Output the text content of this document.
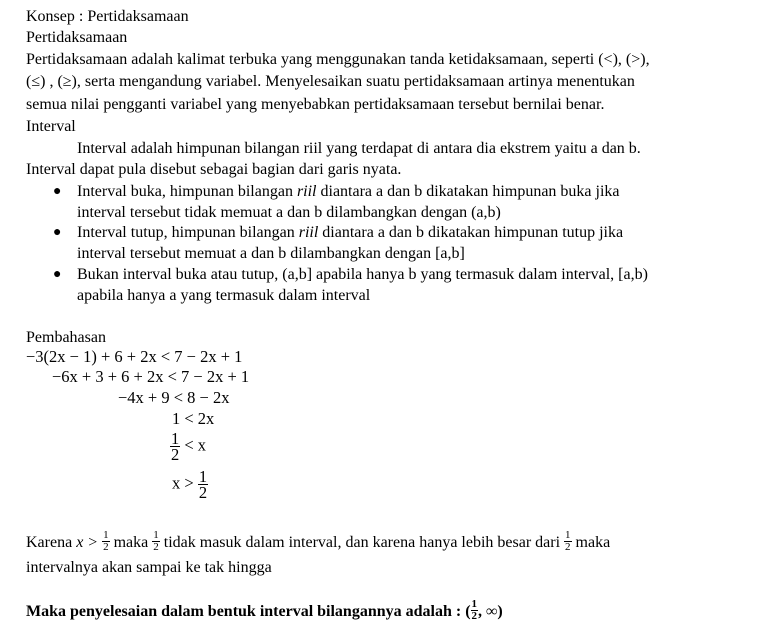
Konsep : Pertidaksamaan
Pertidaksamaan
Pertidaksamaan adalah kalimat terbuka yang menggunakan tanda ketidaksamaan, seperti (<), (>),
(≤) , (≥), serta mengandung variabel. Menyelesaikan suatu pertidaksamaan artinya menentukan
semua nilai pengganti variabel yang menyebabkan pertidaksamaan tersebut bernilai benar.
Interval
Interval adalah himpunan bilangan riil yang terdapat di antara dia ekstrem yaitu a dan b.
Interval dapat pula disebut sebagai bagian dari garis nyata.
● Interval buka, himpunan bilangan riil diantara a dan b dikatakan himpunan buka jika
interval tersebut tidak memuat a dan b dilambangkan dengan (a,b)
● Interval tutup, himpunan bilangan riil diantara a dan b dikatakan himpunan tutup jika
interval tersebut memuat a dan b dilambangkan dengan [a,b]
● Bukan interval buka atau tutup, (a,b] apabila hanya b yang termasuk dalam interval, [a,b)
apabila hanya a yang termasuk dalam interval
Pembahasan
−3(2x − 1) + 6 + 2x < 7 − 2x + 1
−6x + 3 + 6 + 2x < 7 − 2x + 1
−4x + 9 < 8 − 2x
1 < 2x
$\frac{1}{2} < x$
$x > \frac{1}{2}$
Karena $x > \frac{1}{2}$ maka $\frac{1}{2}$ tidak masuk dalam interval, dan karena hanya lebih besar dari $\frac{1}{2}$ maka
intervalnya akan sampai ke tak hingga
Maka penyelesaian dalam bentuk interval bilangannya adalah : ( $\frac{1}{2}$ , ∞)
